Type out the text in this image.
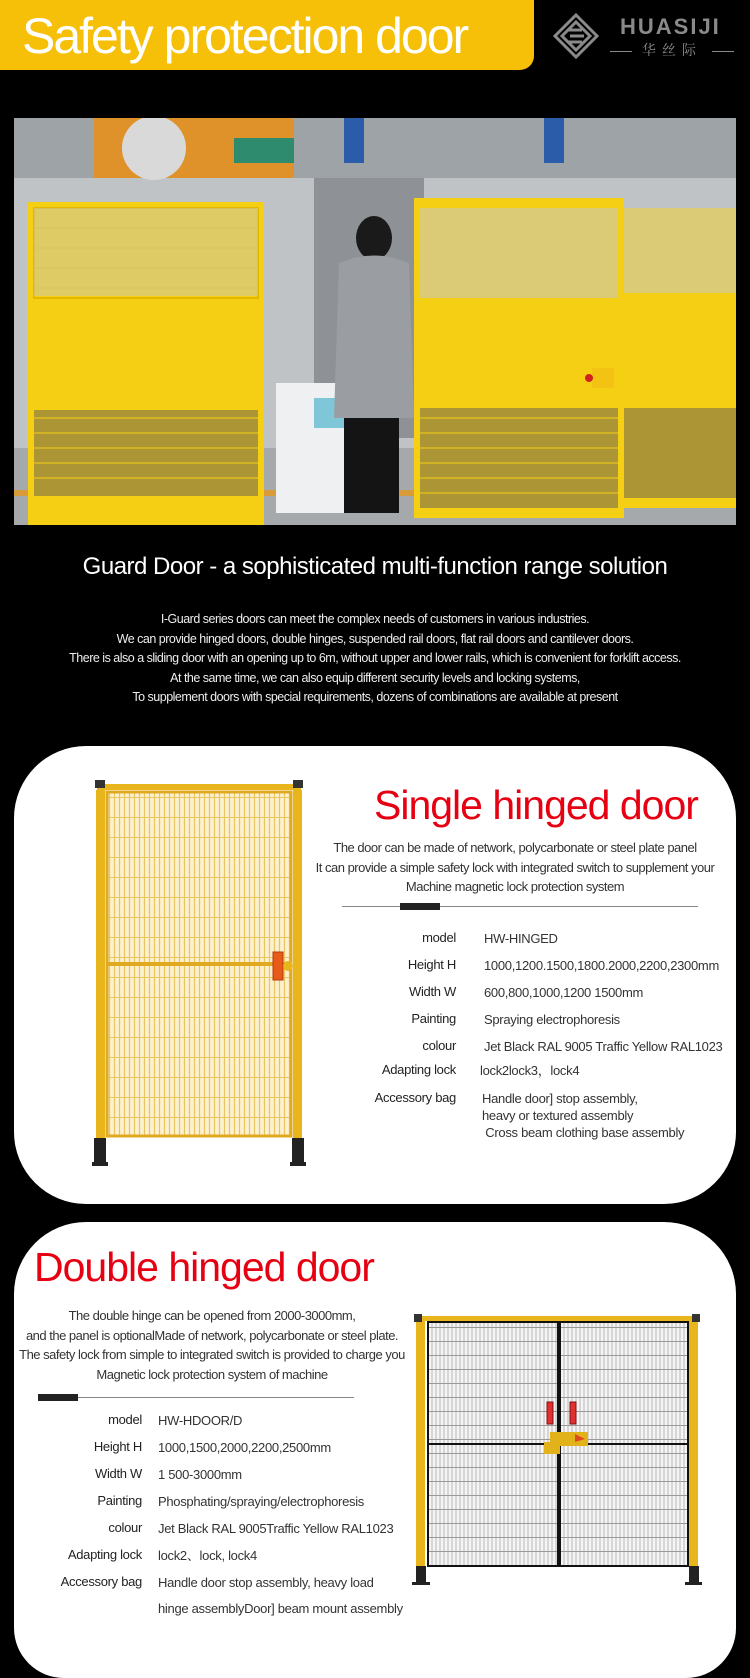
Safety protection door	HUASIJI
华丝际
Guard Door - a sophisticated multi-function range solution
I-Guard series doors can meet the complex needs of customers in various industries.
We can provide hinged doors, double hinges, suspended rail doors, flat rail doors and cantilever doors.
There is also a sliding door with an opening up to 6m, without upper and lower rails, which is convenient for forklift access.
At the same time, we can also equip different security levels and locking systems,
To supplement doors with special requirements, dozens of combinations are available at present
Single hinged door
The door can be made of network, polycarbonate or steel plate panel
It can provide a simple safety lock with integrated switch to supplement your
Machine magnetic lock protection system
model HW-HINGED
Height H 1000,1200.1500,1800.2000,2200,2300mm
Width W 600,800,1000,1200 1500mm
Painting Spraying electrophoresis
colour Jet Black RAL 9005 Traffic Yellow RAL1023
Adapting lock lock2lock3，lock4
Accessory bag Handle door] stop assembly,
heavy or textured assembly
Cross beam clothing base assembly
Double hinged door
The double hinge can be opened from 2000-3000mm,
and the panel is optionalMade of network, polycarbonate or steel plate.
The safety lock from simple to integrated switch is provided to charge you
Magnetic lock protection system of machine
model HW-HDOOR/D
Height H 1000,1500,2000,2200,2500mm
Width W 1 500-3000mm
Painting Phosphating/spraying/electrophoresis
colour Jet Black RAL 9005Traffic Yellow RAL1023
Adapting lock lock2、lock, lock4
Accessory bag Handle door stop assembly, heavy load
hinge assemblyDoor] beam mount assembly
